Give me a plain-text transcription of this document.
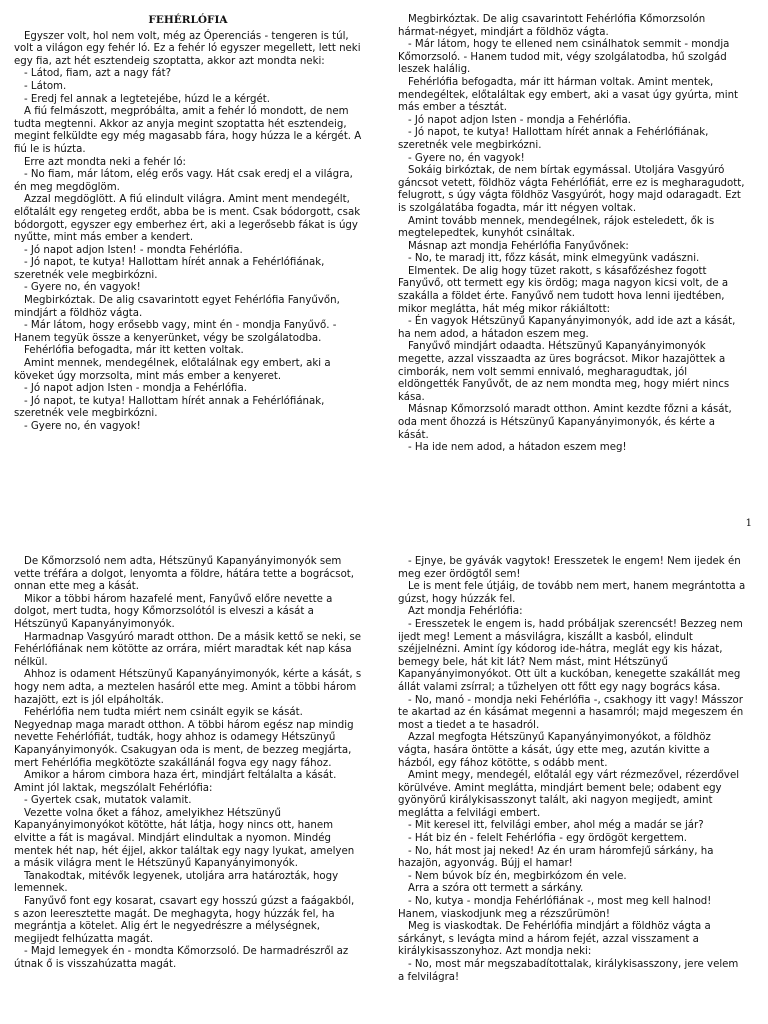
FEHÉRLÓFIA

Egyszer volt, hol nem volt, még az Óperenciás - tengeren is túl, volt a világon egy fehér ló. Ez a fehér ló egyszer megellett, lett neki egy fia, azt hét esztendeig szoptatta, akkor azt mondta neki:

- Látod, fiam, azt a nagy fát?

- Látom.

- Eredj fel annak a legtetejébe, húzd le a kérgét.

A fiú felmászott, megpróbálta, amit a fehér ló mondott, de nem tudta megtenni. Akkor az anyja megint szoptatta hét esztendeig, megint felküldte egy még magasabb fára, hogy húzza le a kérgét. A fiú le is húzta.

Erre azt mondta neki a fehér ló:

- No fiam, már látom, elég erős vagy. Hát csak eredj el a világra, én meg megdöglöm.

Azzal megdöglött. A fiú elindult világra. Amint ment mendegélt, előtalált egy rengeteg erdőt, abba be is ment. Csak bódorgott, csak bódorgott, egyszer egy emberhez ért, aki a legerősebb fákat is úgy nyűtte, mint más ember a kendert.

- Jó napot adjon Isten! - mondta Fehérlófia.

- Jó napot, te kutya! Hallottam hírét annak a Fehérlófiának, szeretnék vele megbirkózni.

- Gyere no, én vagyok!

Megbirkóztak. De alig csavarintott egyet Fehérlófia Fanyűvőn, mindjárt a földhöz vágta.

- Már látom, hogy erősebb vagy, mint én - mondja Fanyűvő. - Hanem tegyük össze a kenyerünket, végy be szolgálatodba.

Fehérlófia befogadta, már itt ketten voltak.

Amint mennek, mendegélnek, előtalálnak egy embert, aki a köveket úgy morzsolta, mint más ember a kenyeret.

- Jó napot adjon Isten - mondja a Fehérlófia.

- Jó napot, te kutya! Hallottam hírét annak a Fehérlófiának, szeretnék vele megbirkózni.

- Gyere no, én vagyok!

Megbirkóztak. De alig csavarintott Fehérlófia Kőmorzsolón hármat-négyet, mindjárt a földhöz vágta.

- Már látom, hogy te ellened nem csinálhatok semmit - mondja Kőmorzsoló. - Hanem tudod mit, végy szolgálatodba, hű szolgád leszek halálig.

Fehérlófia befogadta, már itt hárman voltak. Amint mentek, mendegéltek, előtaláltak egy embert, aki a vasat úgy gyúrta, mint más ember a tésztát.

- Jó napot adjon Isten - mondja a Fehérlófia.

- Jó napot, te kutya! Hallottam hírét annak a Fehérlófiának, szeretnék vele megbirkózni.

- Gyere no, én vagyok!

Sokáig birkóztak, de nem bírtak egymással. Utoljára Vasgyúró gáncsot vetett, földhöz vágta Fehérlófiát, erre ez is megharagudott, felugrott, s úgy vágta földhöz Vasgyúrót, hogy majd odaragadt. Ezt is szolgálatába fogadta, már itt négyen voltak.

Amint tovább mennek, mendegélnek, rájok esteledett, ők is megtelepedtek, kunyhót csináltak.

Másnap azt mondja Fehérlófia Fanyűvőnek:

- No, te maradj itt, főzz kását, mink elmegyünk vadászni.

Elmentek. De alig hogy tüzet rakott, s kásafőzéshez fogott Fanyűvő, ott termett egy kis ördög; maga nagyon kicsi volt, de a szakálla a földet érte. Fanyűvő nem tudott hova lenni ijedtében, mikor meglátta, hát még mikor rákiáltott:

- Én vagyok Hétszünyű Kapanyányimonyók, add ide azt a kását, ha nem adod, a hátadon eszem meg.

Fanyűvő mindjárt odaadta. Hétszünyű Kapanyányimonyók megette, azzal visszaadta az üres bográcsot. Mikor hazajöttek a cimborák, nem volt semmi ennivaló, megharagudtak, jól eldöngették Fanyűvőt, de az nem mondta meg, hogy miért nincs kása.

Másnap Kőmorzsoló maradt otthon. Amint kezdte főzni a kását, oda ment őhozzá is Hétszünyű Kapanyányimonyók, és kérte a kását.

- Ha ide nem adod, a hátadon eszem meg!

1

De Kőmorzsoló nem adta, Hétszünyű Kapanyányimonyók sem vette tréfára a dolgot, lenyomta a földre, hátára tette a bográcsot, onnan ette meg a kását.

Mikor a többi három hazafelé ment, Fanyűvő előre nevette a dolgot, mert tudta, hogy Kőmorzsolótól is elveszi a kását a Hétszünyű Kapanyányimonyók.

Harmadnap Vasgyúró maradt otthon. De a másik kettő se neki, se Fehérlófiának nem kötötte az orrára, miért maradtak két nap kása nélkül.

Ahhoz is odament Hétszünyű Kapanyányimonyók, kérte a kását, s hogy nem adta, a meztelen hasáról ette meg. Amint a többi három hazajött, ezt is jól elpáholták.

Fehérlófia nem tudta miért nem csinált egyik se kását. Negyednap maga maradt otthon. A többi három egész nap mindig nevette Fehérlófiát, tudták, hogy ahhoz is odamegy Hétszünyű Kapanyányimonyók. Csakugyan oda is ment, de bezzeg megjárta, mert Fehérlófia megkötözte szakállánál fogva egy nagy fához.

Amikor a három cimbora haza ért, mindjárt feltálalta a kását. Amint jól laktak, megszólalt Fehérlófia:

- Gyertek csak, mutatok valamit.

Vezette volna őket a fához, amelyikhez Hétszünyű Kapanyányimonyókot kötötte, hát látja, hogy nincs ott, hanem elvitte a fát is magával. Mindjárt elindultak a nyomon. Mindég mentek hét nap, hét éjjel, akkor találtak egy nagy lyukat, amelyen a másik világra ment le Hétszünyű Kapanyányimonyók.

Tanakodtak, mitévők legyenek, utoljára arra határozták, hogy lemennek.

Fanyűvő font egy kosarat, csavart egy hosszú gúzst a faágakból, s azon leeresztette magát. De meghagyta, hogy húzzák fel, ha megrántja a kötelet. Alig ért le negyedrészre a mélységnek, megijedt felhúzatta magát.

- Majd lemegyek én - mondta Kőmorzsoló. De harmadrészről az útnak ő is visszahúzatta magát.

- Ejnye, be gyávák vagytok! Eresszetek le engem! Nem ijedek én meg ezer ördögtől sem!

Le is ment fele útjáig, de tovább nem mert, hanem megrántotta a gúzst, hogy húzzák fel.

Azt mondja Fehérlófia:

- Eresszetek le engem is, hadd próbáljak szerencsét! Bezzeg nem ijedt meg! Lement a másvilágra, kiszállt a kasból, elindult széjjelnézni. Amint így kódorog ide-hátra, meglát egy kis házat, bemegy bele, hát kit lát? Nem mást, mint Hétszünyű Kapanyányimonyókot. Ott ült a kuckóban, kenegette szakállát meg állát valami zsírral; a tűzhelyen ott főtt egy nagy bogrács kása.

- No, manó - mondja neki Fehérlófia -, csakhogy itt vagy! Másszor te akartad az én kásámat megenni a hasamról; majd megeszem én most a tiedet a te hasadról.

Azzal megfogta Hétszünyű Kapanyányimonyókot, a földhöz vágta, hasára öntötte a kását, úgy ette meg, azután kivitte a házból, egy fához kötötte, s odább ment.

Amint megy, mendegél, előtalál egy várt rézmezővel, rézerdővel körülvéve. Amint meglátta, mindjárt bement bele; odabent egy gyönyörű királykisasszonyt talált, aki nagyon megijedt, amint meglátta a felvilági embert.

- Mit keresel itt, felvilági ember, ahol még a madár se jár?

- Hát biz én - felelt Fehérlófia - egy ördögöt kergettem.

- No, hát most jaj neked! Az én uram háromfejű sárkány, ha hazajön, agyonvág. Bújj el hamar!

- Nem búvok bíz én, megbirkózom én vele.

Arra a szóra ott termett a sárkány.

- No, kutya - mondja Fehérlófiának -, most meg kell halnod! Hanem, viaskodjunk meg a rézszűrümön!

Meg is viaskodtak. De Fehérlófia mindjárt a földhöz vágta a sárkányt, s levágta mind a három fejét, azzal visszament a királykisasszonyhoz. Azt mondja neki:

- No, most már megszabadítottalak, királykisasszony, jere velem a felvilágra!
